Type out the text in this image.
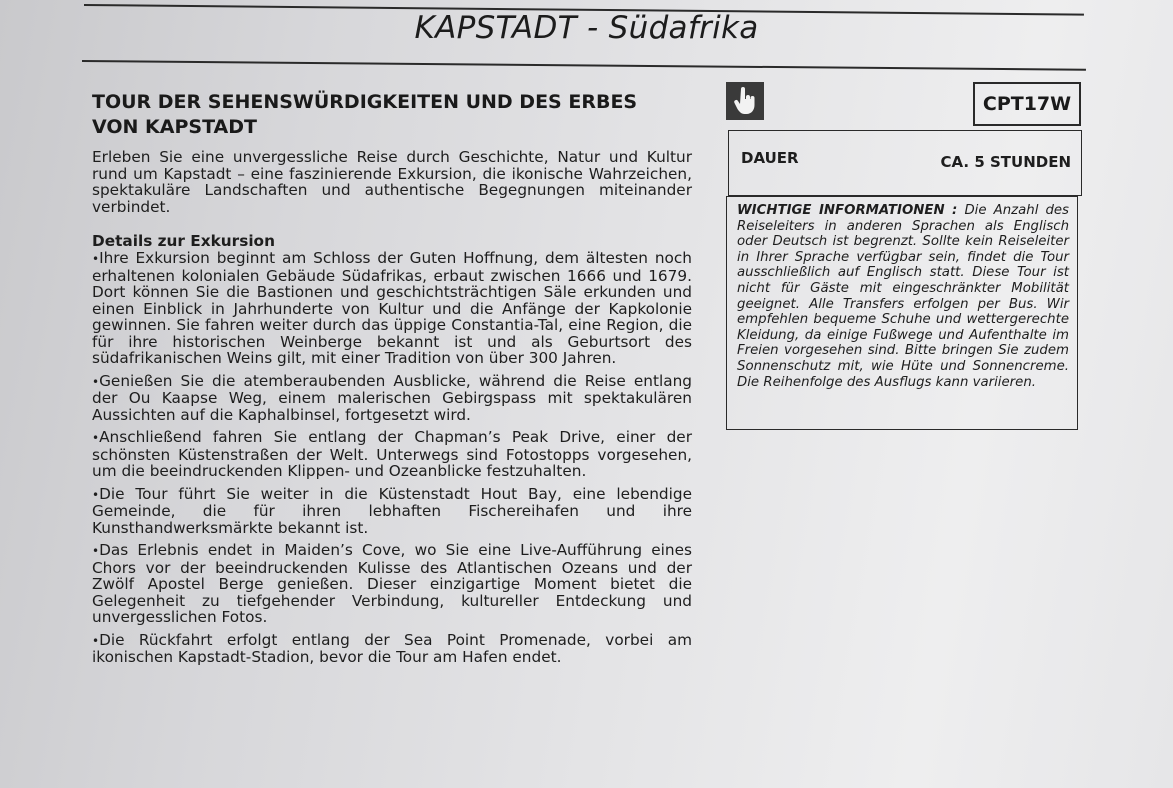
KAPSTADT - Südafrika
TOUR DER SEHENSWÜRDIGKEITEN UND DES ERBES
VON KAPSTADT

Erleben Sie eine unvergessliche Reise durch Geschichte, Natur und Kultur rund um Kapstadt – eine faszinierende Exkursion, die ikonische Wahrzeichen, spektakuläre Landschaften und authentische Begegnungen miteinander verbindet.

Details zur Exkursion

•Ihre Exkursion beginnt am Schloss der Guten Hoffnung, dem ältesten noch erhaltenen kolonialen Gebäude Südafrikas, erbaut zwischen 1666 und 1679. Dort können Sie die Bastionen und geschichtsträchtigen Säle erkunden und einen Einblick in Jahrhunderte von Kultur und die Anfänge der Kapkolonie gewinnen. Sie fahren weiter durch das üppige Constantia-Tal, eine Region, die für ihre historischen Weinberge bekannt ist und als Geburtsort des südafrikanischen Weins gilt, mit einer Tradition von über 300 Jahren.
•Genießen Sie die atemberaubenden Ausblicke, während die Reise entlang der Ou Kaapse Weg, einem malerischen Gebirgspass mit spektakulären Aussichten auf die Kaphalbinsel, fortgesetzt wird.
•Anschließend fahren Sie entlang der Chapman’s Peak Drive, einer der schönsten Küstenstraßen der Welt. Unterwegs sind Fotostopps vorgesehen, um die beeindruckenden Klippen- und Ozeanblicke festzuhalten.
•Die Tour führt Sie weiter in die Küstenstadt Hout Bay, eine lebendige Gemeinde, die für ihren lebhaften Fischereihafen und ihre Kunsthandwerksmärkte bekannt ist.
•Das Erlebnis endet in Maiden’s Cove, wo Sie eine Live-Aufführung eines Chors vor der beeindruckenden Kulisse des Atlantischen Ozeans und der Zwölf Apostel Berge genießen. Dieser einzigartige Moment bietet die Gelegenheit zu tiefgehender Verbindung, kultureller Entdeckung und unvergesslichen Fotos.
•Die Rückfahrt erfolgt entlang der Sea Point Promenade, vorbei am ikonischen Kapstadt-Stadion, bevor die Tour am Hafen endet.
CPT17W
DAUER	CA. 5 STUNDEN
WICHTIGE INFORMATIONEN : Die Anzahl des Reiseleiters in anderen Sprachen als Englisch oder Deutsch ist begrenzt. Sollte kein Reiseleiter in Ihrer Sprache verfügbar sein, findet die Tour ausschließlich auf Englisch statt. Diese Tour ist nicht für Gäste mit eingeschränkter Mobilität geeignet. Alle Transfers erfolgen per Bus. Wir empfehlen bequeme Schuhe und wettergerechte Kleidung, da einige Fußwege und Aufenthalte im Freien vorgesehen sind. Bitte bringen Sie zudem Sonnenschutz mit, wie Hüte und Sonnencreme. Die Reihenfolge des Ausflugs kann variieren.
